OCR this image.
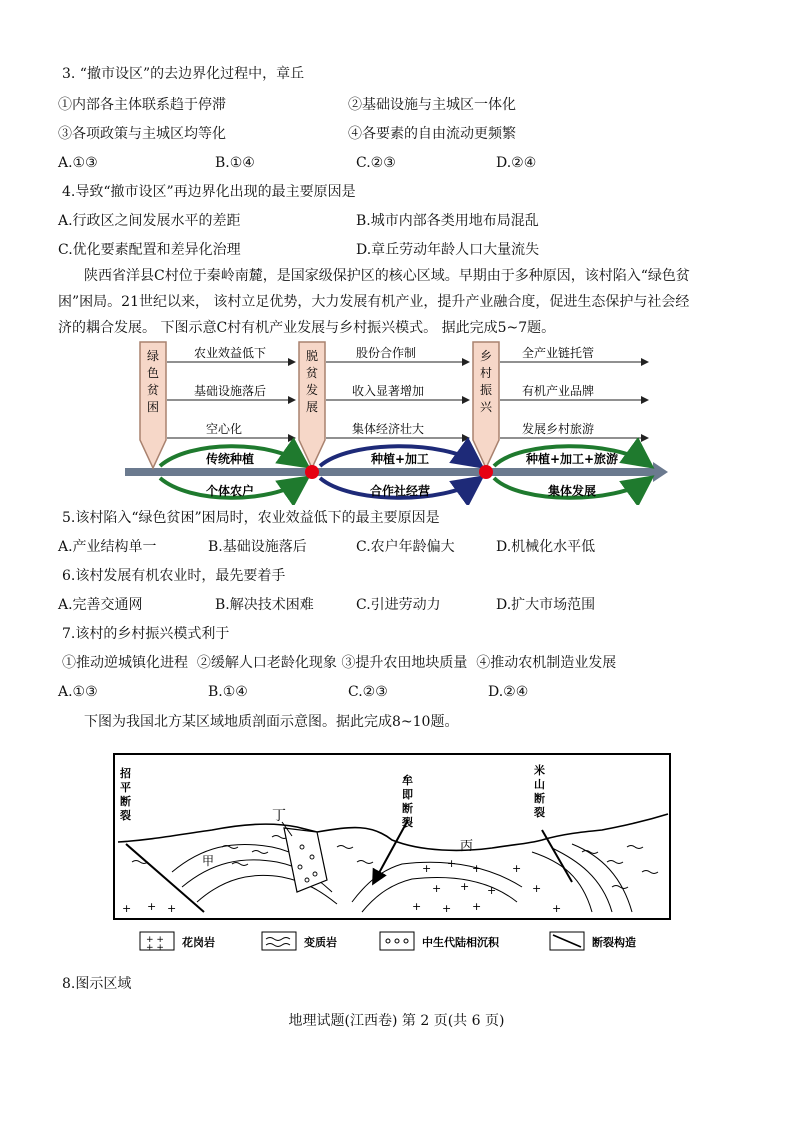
3. “撤市设区”的去边界化过程中，章丘
①内部各主体联系趋于停滞	②基础设施与主城区一体化
③各项政策与主城区均等化	④各要素的自由流动更频繁
A.①③	B.①④	C.②③	D.②④
4.导致“撤市设区”再边界化出现的最主要原因是
A.行政区之间发展水平的差距	B.城市内部各类用地布局混乱
C.优化要素配置和差异化治理	D.章丘劳动年龄人口大量流失
陕西省洋县C村位于秦岭南麓，是国家级保护区的核心区域。早期由于多种原因，该村陷入“绿色贫
困”困局。21世纪以来， 该村立足优势，大力发展有机产业，提升产业融合度，促进生态保护与社会经
济的耦合发展。 下图示意C村有机产业发展与乡村振兴模式。 据此完成5~7题。
绿
色
贫
困
脱
贫
发
展
乡
村
振
兴
农业效益低下
基础设施落后
空心化
股份合作制
收入显著增加
集体经济壮大
全产业链托管
有机产业品牌
发展乡村旅游
传统种植
个体农户
种植+加工
合作社经营
种植+加工+旅游
集体发展
5.该村陷入“绿色贫困”困局时，农业效益低下的最主要原因是
A.产业结构单一	B.基础设施落后	C.农户年龄偏大	D.机械化水平低
6.该村发展有机农业时，最先要着手
A.完善交通网	B.解决技术困难	C.引进劳动力	D.扩大市场范围
7.该村的乡村振兴模式利于
①推动逆城镇化进程  ②缓解人口老龄化现象 ③提升农田地块质量  ④推动农机制造业发展
A.①③	B.①④	C.②③	D.②④
下图为我国北方某区域地质剖面示意图。据此完成8~10题。
+ + +
+ + +
+ + +
+ + +
+
+
+
招
平
断
裂
牟
即
断
裂
米
山
断
裂
丁
甲
丙
+ +
+ + 花岗岩	变质岩	中生代陆相沉积	断裂构造
8.图示区域
地理试题(江西卷) 第 2 页(共 6 页)
